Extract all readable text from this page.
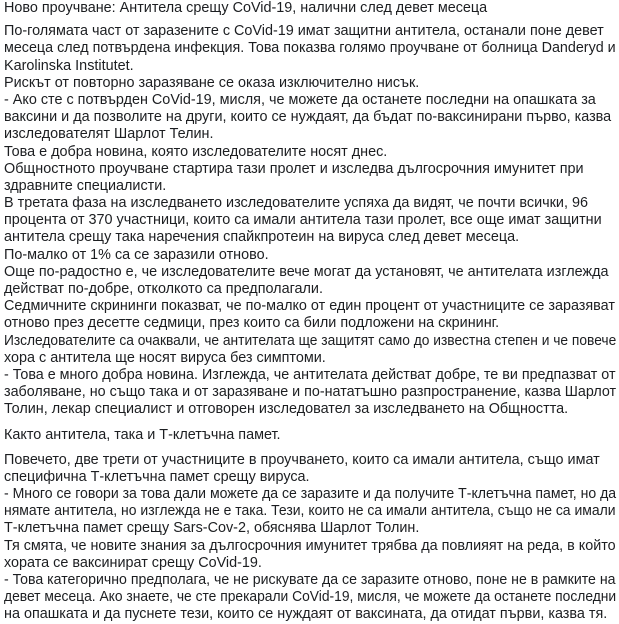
Ново проучване: Антитела срещу CoVid-19, налични след девет месеца
По-голямата част от заразените с CoVid-19 имат защитни антитела, останали поне девет
месеца след потвърдена инфекция. Това показва голямо проучване от болница Danderyd и
Karolinska Institutet.
Рискът от повторно заразяване се оказа изключително нисък.
- Ако сте с потвърден CoVid-19, мисля, че можете да останете последни на опашката за
ваксини и да позволите на други, които се нуждаят, да бъдат по-ваксинирани първо, казва
изследователят Шарлот Телин.
Това е добра новина, която изследователите носят днес.
Общностното проучване стартира тази пролет и изследва дългосрочния имунитет при
здравните специалисти.
В третата фаза на изследването изследователите успяха да видят, че почти всички, 96
процента от 370 участници, които са имали антитела тази пролет, все още имат защитни
антитела срещу така наречения спайкпротеин на вируса след девет месеца.
По-малко от 1% са се заразили отново.
Още по-радостно е, че изследователите вече могат да установят, че антителата изглежда
действат по-добре, отколкото са предполагали.
Седмичните скрининги показват, че по-малко от един процент от участниците се заразяват
отново през десетте седмици, през които са били подложени на скрининг.
Изследователите са очаквали, че антителата ще защитят само до известна степен и че повече
хора с антитела ще носят вируса без симптоми.
- Това е много добра новина. Изглежда, че антителата действат добре, те ви предпазват от
заболяване, но също така и от заразяване и по-нататъшно разпространение, казва Шарлот
Толин, лекар специалист и отговорен изследовател за изследването на Общността.
Както антитела, така и Т-клетъчна памет.
Повечето, две трети от участниците в проучването, които са имали антитела, също имат
специфична Т-клетъчна памет срещу вируса.
- Много се говори за това дали можете да се заразите и да получите Т-клетъчна памет, но да
нямате антитела, но изглежда не е така. Тези, които не са имали антитела, също не са имали
Т-клетъчна памет срещу Sars-Cov-2, обяснява Шарлот Толин.
Тя смята, че новите знания за дългосрочния имунитет трябва да повлияят на реда, в който
хората се ваксинират срещу CoVid-19.
- Това категорично предполага, че не рискувате да се заразите отново, поне не в рамките на
девет месеца. Ако знаете, че сте прекарали CoVid-19, мисля, че можете да останете последни
на опашката и да пуснете тези, които се нуждаят от ваксината, да отидат първи, казва тя.
